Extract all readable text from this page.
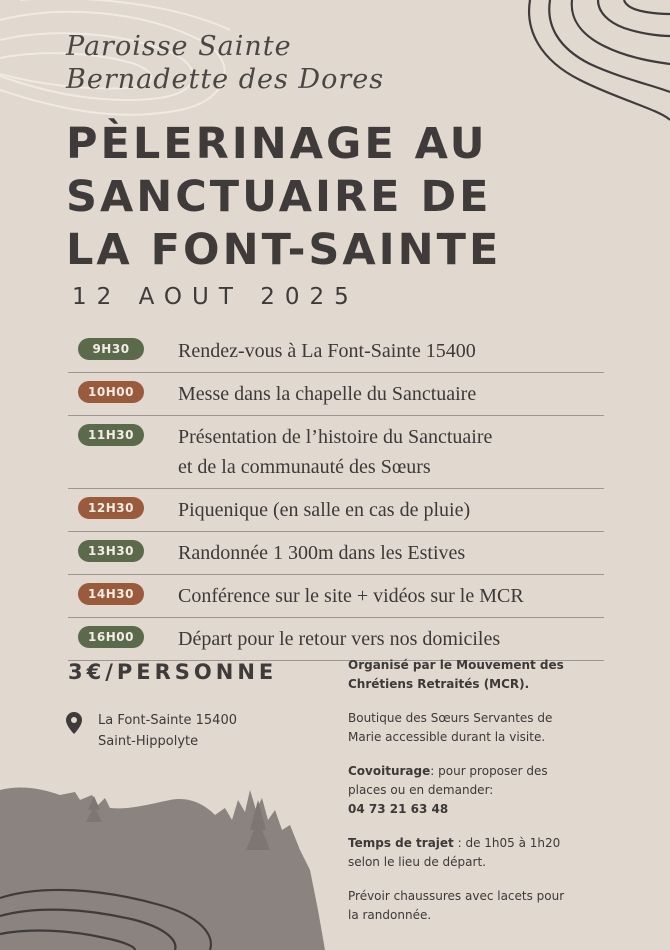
Paroisse Sainte
Bernadette des Dores
PÈLERINAGE AU
SANCTUAIRE DE
LA FONT-SAINTE
12 AOUT 2025
9H30	Rendez-vous à La Font-Sainte 15400
10H00	Messe dans la chapelle du Sanctuaire
11H30	Présentation de l’histoire du Sanctuaire
et de la communauté des Sœurs
12H30	Piquenique (en salle en cas de pluie)
13H30	Randonnée 1 300m dans les Estives
14H30	Conférence sur le site + vidéos sur le MCR
16H00	Départ pour le retour vers nos domiciles
3€/PERSONNE
La Font-Sainte 15400
Saint-Hippolyte

Organisé par le Mouvement des
Chrétiens Retraités (MCR).

Boutique des Sœurs Servantes de
Marie accessible durant la visite.

Covoiturage: pour proposer des
places ou en demander:
04 73 21 63 48

Temps de trajet : de 1h05 à 1h20
selon le lieu de départ.

Prévoir chaussures avec lacets pour
la randonnée.
